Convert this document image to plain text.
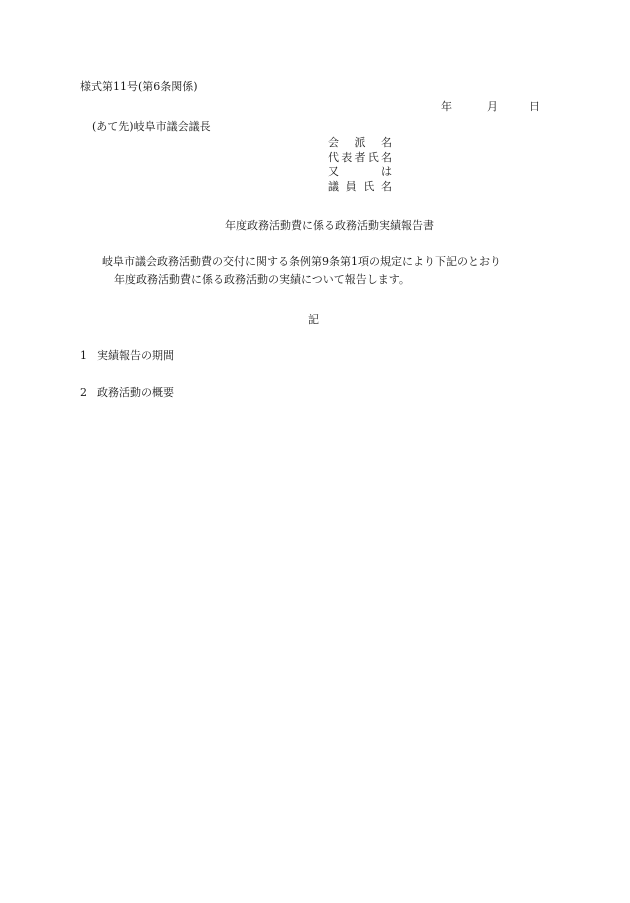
様式第11号(第6条関係)
年	月	日
(あて先)岐阜市議会議長
会 派 名
代 表 者 氏 名
又	は
議 員 氏 名
年度政務活動費に係る政務活動実績報告書
岐阜市議会政務活動費の交付に関する条例第9条第1項の規定により下記のとおり
年度政務活動費に係る政務活動の実績について報告します。
記
1 実績報告の期間
2 政務活動の概要
